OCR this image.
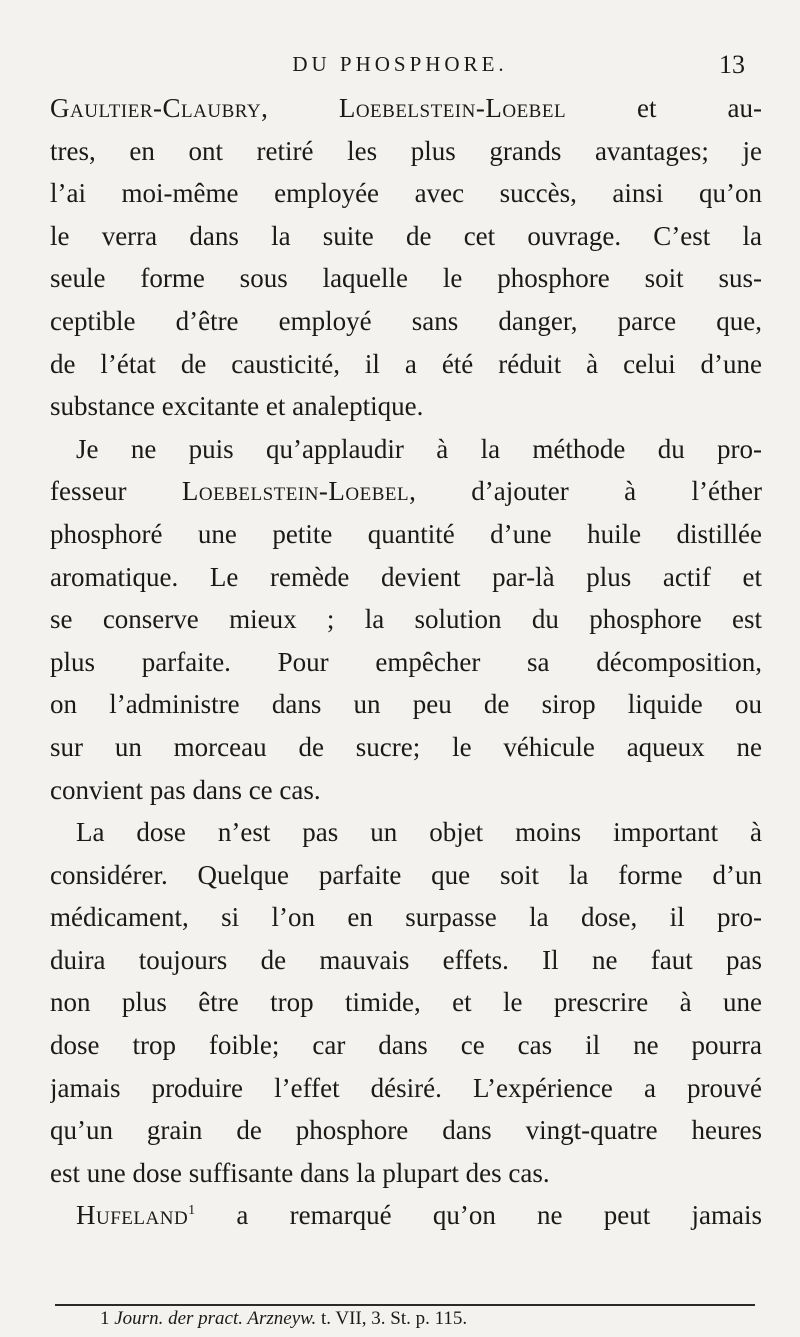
DU PHOSPHORE.	13
Gaultier-Claubry, Loebelstein-Loebel et au-
tres, en ont retiré les plus grands avantages; je
l’ai moi-même employée avec succès, ainsi qu’on
le verra dans la suite de cet ouvrage. C’est la
seule forme sous laquelle le phosphore soit sus-
ceptible d’être employé sans danger, parce que,
de l’état de causticité, il a été réduit à celui d’une
substance excitante et analeptique.
Je ne puis qu’applaudir à la méthode du pro-
fesseur Loebelstein-Loebel, d’ajouter à l’éther
phosphoré une petite quantité d’une huile distillée
aromatique. Le remède devient par-là plus actif et
se conserve mieux ; la solution du phosphore est
plus parfaite. Pour empêcher sa décomposition,
on l’administre dans un peu de sirop liquide ou
sur un morceau de sucre; le véhicule aqueux ne
convient pas dans ce cas.
La dose n’est pas un objet moins important à
considérer. Quelque parfaite que soit la forme d’un
médicament, si l’on en surpasse la dose, il pro-
duira toujours de mauvais effets. Il ne faut pas
non plus être trop timide, et le prescrire à une
dose trop foible; car dans ce cas il ne pourra
jamais produire l’effet désiré. L’expérience a prouvé
qu’un grain de phosphore dans vingt-quatre heures
est une dose suffisante dans la plupart des cas.
Hufeland$^1$ a remarqué qu’on ne peut jamais
1 Journ. der pract. Arzneyw. t. VII, 3. St. p. 115.
